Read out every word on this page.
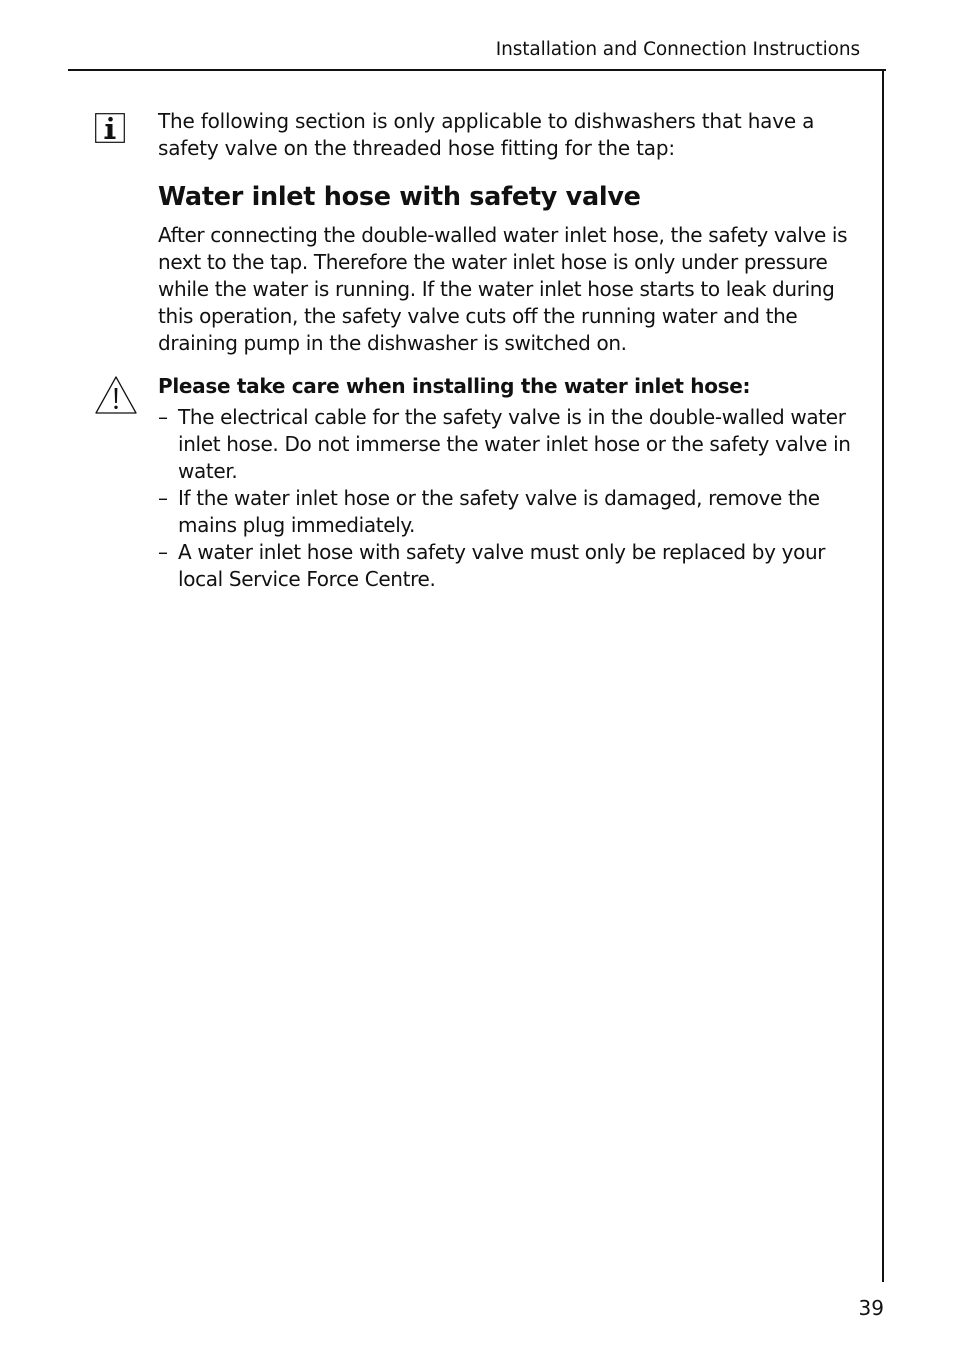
Installation and Connection Instructions

The following section is only applicable to dishwashers that have a safety valve on the threaded hose fitting for the tap:

Water inlet hose with safety valve

After connecting the double-walled water inlet hose, the safety valve is next to the tap. Therefore the water inlet hose is only under pressure while the water is running. If the water inlet hose starts to leak during this operation, the safety valve cuts off the running water and the draining pump in the dishwasher is switched on.

Please take care when installing the water inlet hose:

– The electrical cable for the safety valve is in the double-walled water inlet hose. Do not immerse the water inlet hose or the safety valve in water.
– If the water inlet hose or the safety valve is damaged, remove the mains plug immediately.
– A water inlet hose with safety valve must only be replaced by your local Service Force Centre.
39
